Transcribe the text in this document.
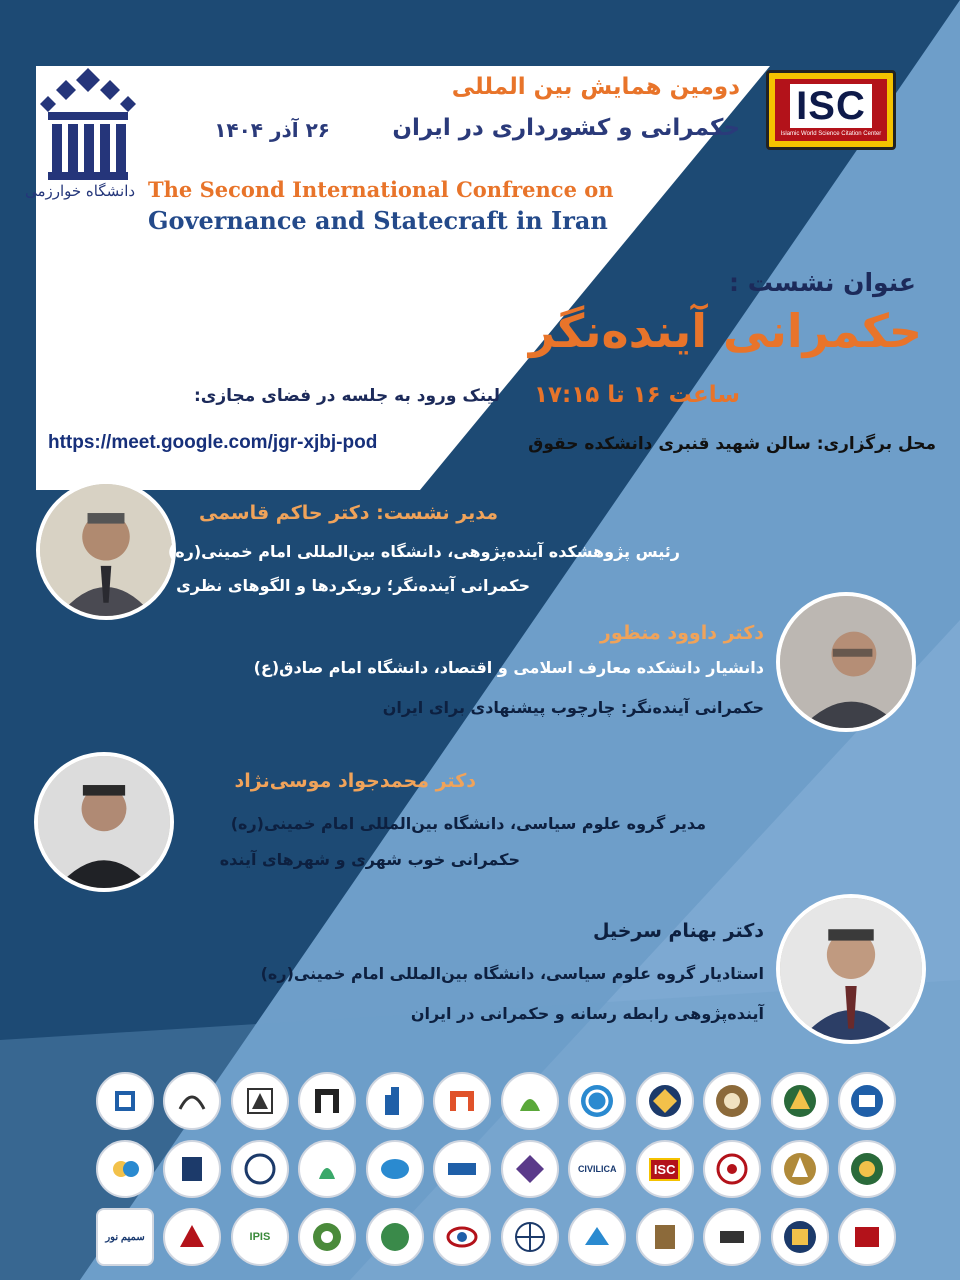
دانشگاه خوارزمی
ISC
Islamic World Science Citation Center
دومین همایش بین المللی
حکمرانی و کشورداری در ایران
۲۶ آذر ۱۴۰۴
The Second International Confrence on
Governance and Statecraft in Iran
عنوان نشست :
حکمرانی آینده‌نگر
ساعت ۱۶ تا ۱۷:۱۵
لینک ورود به جلسه در فضای مجازی:
https://meet.google.com/jgr-xjbj-pod	محل برگزاری: سالن شهید قنبری دانشکده حقوق
مدیر نشست: دکتر حاکم قاسمی
رئیس پژوهشکده آینده‌پژوهی، دانشگاه بین‌المللی امام خمینی(ره)
حکمرانی آینده‌نگر؛ رویکردها و الگوهای نظری
دکتر داوود منظور
دانشیار دانشکده معارف اسلامی و اقتصاد، دانشگاه امام صادق(ع)
حکمرانی آینده‌نگر: چارچوب پیشنهادی برای ایران
دکتر محمدجواد موسی‌نژاد
مدیر گروه علوم سیاسی، دانشگاه بین‌المللی امام خمینی(ره)
حکمرانی خوب شهری و شهرهای آینده
دکتر بهنام سرخیل
استادیار گروه علوم سیاسی، دانشگاه بین‌المللی امام خمینی(ره)
آینده‌پژوهی رابطه رسانه و حکمرانی در ایران
ISC
CIVILICA
IPIS
سمیم نور
